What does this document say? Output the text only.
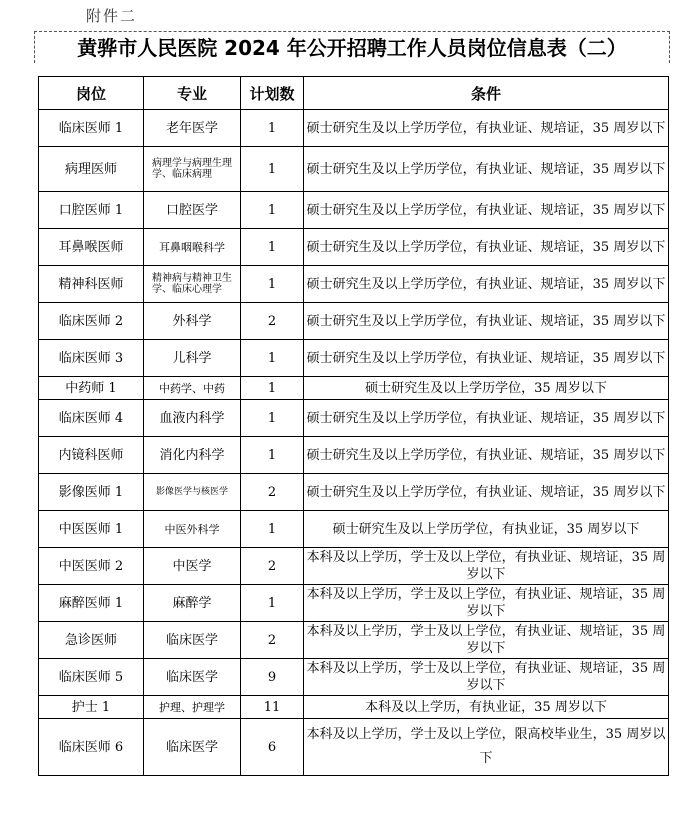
附件二
黄骅市人民医院 2024 年公开招聘工作人员岗位信息表（二）
岗位	专业	计划数	条件
临床医师 1	老年医学	1	硕士研究生及以上学历学位，有执业证、规培证，35 周岁以下
病理医师	病理学与病理生理学、临床病理	1	硕士研究生及以上学历学位，有执业证、规培证，35 周岁以下
口腔医师 1	口腔医学	1	硕士研究生及以上学历学位，有执业证、规培证，35 周岁以下
耳鼻喉医师	耳鼻咽喉科学	1	硕士研究生及以上学历学位，有执业证、规培证，35 周岁以下
精神科医师	精神病与精神卫生学、临床心理学	1	硕士研究生及以上学历学位，有执业证、规培证，35 周岁以下
临床医师 2	外科学	2	硕士研究生及以上学历学位，有执业证、规培证，35 周岁以下
临床医师 3	儿科学	1	硕士研究生及以上学历学位，有执业证、规培证，35 周岁以下
中药师 1	中药学、中药	1	硕士研究生及以上学历学位，35 周岁以下
临床医师 4	血液内科学	1	硕士研究生及以上学历学位，有执业证、规培证，35 周岁以下
内镜科医师	消化内科学	1	硕士研究生及以上学历学位，有执业证、规培证，35 周岁以下
影像医师 1	影像医学与核医学	2	硕士研究生及以上学历学位，有执业证、规培证，35 周岁以下
中医医师 1	中医外科学	1	硕士研究生及以上学历学位，有执业证，35 周岁以下
中医医师 2	中医学	2	本科及以上学历，学士及以上学位，有执业证、规培证，35 周岁以下
麻醉医师 1	麻醉学	1	本科及以上学历，学士及以上学位，有执业证、规培证，35 周岁以下
急诊医师	临床医学	2	本科及以上学历，学士及以上学位，有执业证、规培证，35 周岁以下
临床医师 5	临床医学	9	本科及以上学历，学士及以上学位，有执业证、规培证，35 周岁以下
护士 1	护理、护理学	11	本科及以上学历，有执业证，35 周岁以下
临床医师 6	临床医学	6	本科及以上学历，学士及以上学位，限高校毕业生，35 周岁以下
